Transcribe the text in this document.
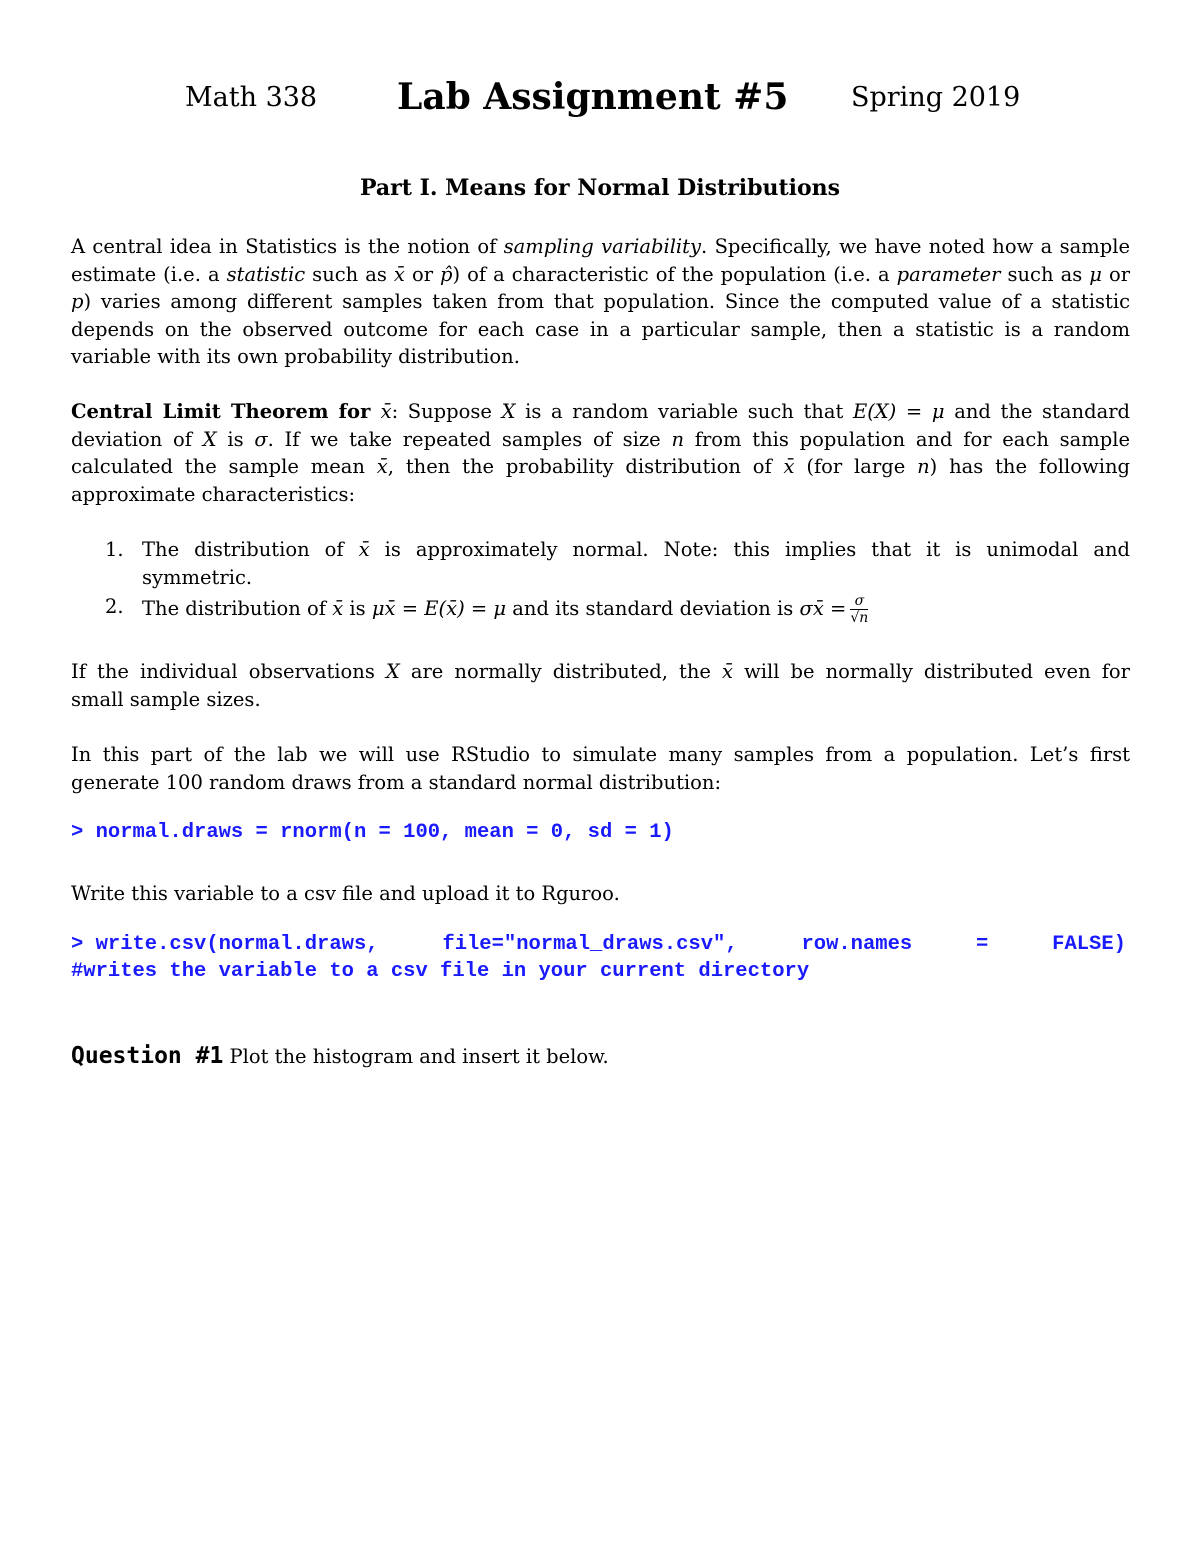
Math 338 Lab Assignment #5 Spring 2019
Part I. Means for Normal Distributions
A central idea in Statistics is the notion of sampling variability. Specifically, we have noted how a sample
estimate (i.e. a statistic such as x̄ or p̂) of a characteristic of the population (i.e. a parameter such as μ or
p) varies among different samples taken from that population. Since the computed value of a statistic
depends on the observed outcome for each case in a particular sample, then a statistic is a random
variable with its own probability distribution.
Central Limit Theorem for x̄: Suppose X is a random variable such that E(X) = μ and the standard
deviation of X is σ. If we take repeated samples of size n from this population and for each sample
calculated the sample mean x̄, then the probability distribution of x̄ (for large n) has the following
approximate characteristics:
1. The distribution of x̄ is approximately normal. Note: this implies that it is unimodal and
symmetric.
2. The distribution of x̄ is μx̄ = E(x̄) = μ and its standard deviation is σx̄ = $\frac{\sigma}{√n}$
If the individual observations X are normally distributed, the x̄ will be normally distributed even for
small sample sizes.
In this part of the lab we will use RStudio to simulate many samples from a population. Let’s first
generate 100 random draws from a standard normal distribution:
> normal.draws = rnorm(n = 100, mean = 0, sd = 1)
Write this variable to a csv file and upload it to Rguroo.
> write.csv(normal.draws,	file="normal_draws.csv",	row.names	=	FALSE)
#writes the variable to a csv file in your current directory
Question #1 Plot the histogram and insert it below.
